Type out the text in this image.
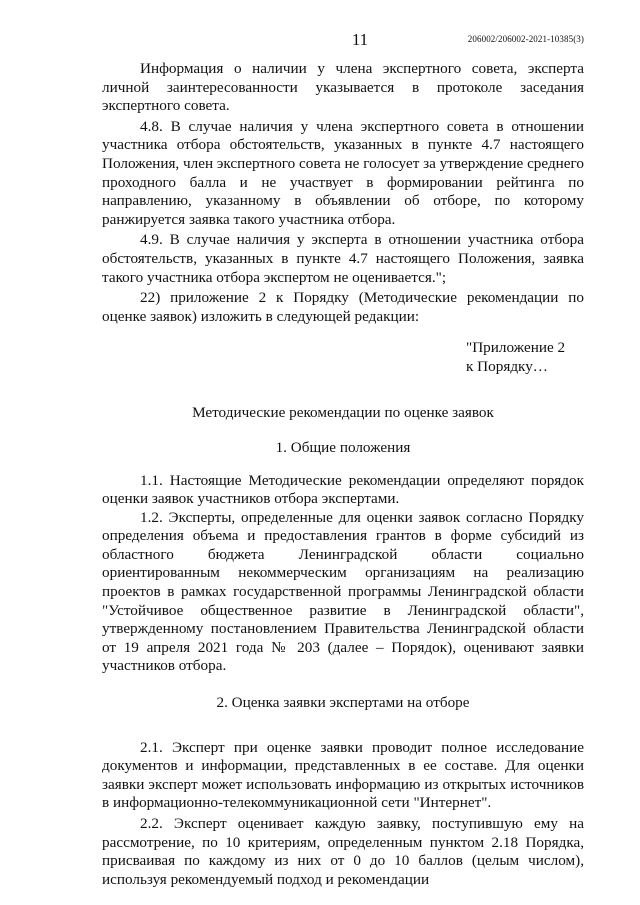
11	206002/206002-2021-10385(3)

Информация о наличии у члена экспертного совета, эксперта личной заинтересованности указывается в протоколе заседания экспертного совета.

4.8. В случае наличия у члена экспертного совета в отношении участника отбора обстоятельств, указанных в пункте 4.7 настоящего Положения, член экспертного совета не голосует за утверждение среднего проходного балла и не участвует в формировании рейтинга по направлению, указанному в объявлении об отборе, по которому ранжируется заявка такого участника отбора.

4.9. В случае наличия у эксперта в отношении участника отбора обстоятельств, указанных в пункте 4.7 настоящего Положения, заявка такого участника отбора экспертом не оценивается.";

22) приложение 2 к Порядку (Методические рекомендации по оценке заявок) изложить в следующей редакции:

"Приложение 2
к Порядку…

Методические рекомендации по оценке заявок

1. Общие положения

1.1. Настоящие Методические рекомендации определяют порядок оценки заявок участников отбора экспертами.

1.2. Эксперты, определенные для оценки заявок согласно Порядку определения объема и предоставления грантов в форме субсидий из областного бюджета Ленинградской области социально ориентированным некоммерческим организациям на реализацию проектов в рамках государственной программы Ленинградской области "Устойчивое общественное развитие в Ленинградской области", утвержденному постановлением Правительства Ленинградской области от 19 апреля 2021 года № 203 (далее – Порядок), оценивают заявки участников отбора.

2. Оценка заявки экспертами на отборе

2.1. Эксперт при оценке заявки проводит полное исследование документов и информации, представленных в ее составе. Для оценки заявки эксперт может использовать информацию из открытых источников в информационно-телекоммуникационной сети "Интернет".

2.2. Эксперт оценивает каждую заявку, поступившую ему на рассмотрение, по 10 критериям, определенным пунктом 2.18 Порядка, присваивая по каждому из них от 0 до 10 баллов (целым числом), используя рекомендуемый подход и рекомендации
